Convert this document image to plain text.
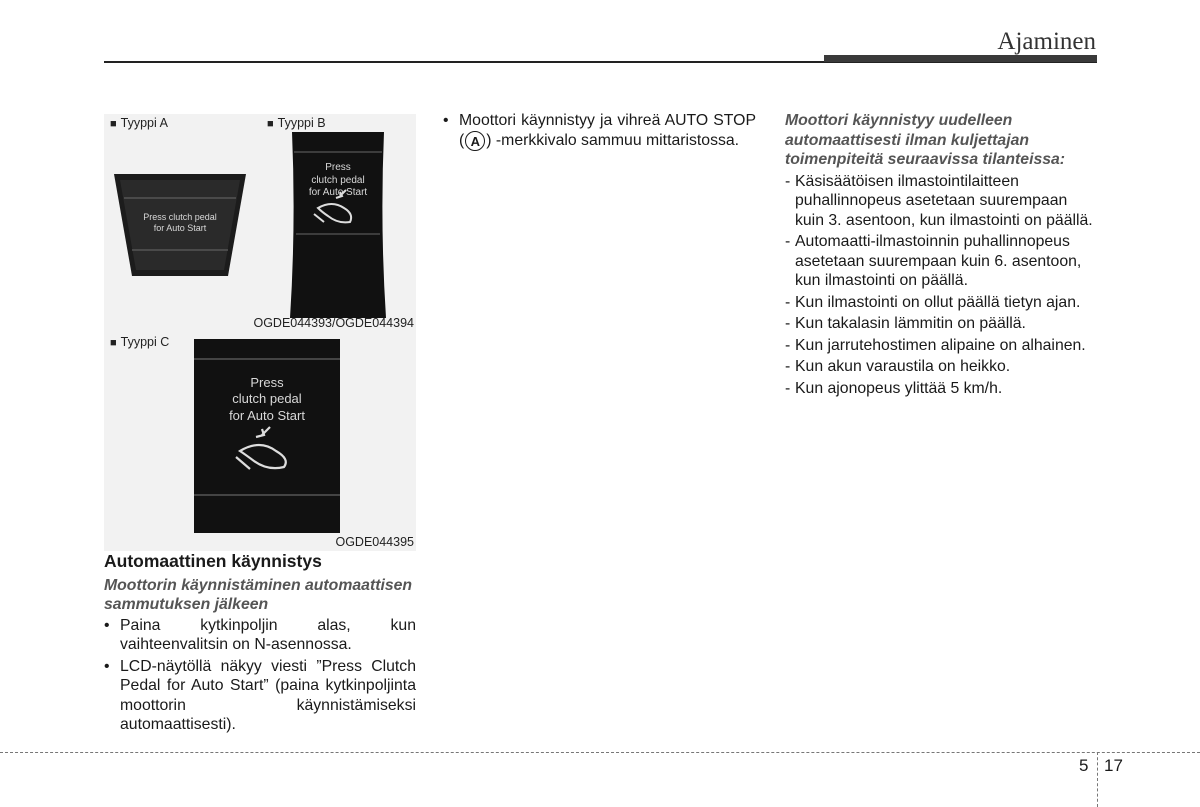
Ajaminen
■ Tyyppi A
■	Tyyppi B
Press clutch pedal
for Auto Start
Press
clutch pedal
for Auto Start
OGDE044393/OGDE044394
■ Tyyppi C
Press
clutch pedal
for Auto Start
OGDE044395

Automaattinen käynnistys

Moottorin käynnistäminen automaattisen sammutuksen jälkeen

• Paina kytkinpoljin alas, kun vaihteenvalitsin on N-asennossa.

• LCD-näytöllä näkyy viesti ”Press Clutch Pedal for Auto Start” (paina kytkinpoljinta moottorin käynnistämiseksi automaattisesti).

• Moottori käynnistyy ja vihreä AUTO STOP ( A ) -merkkivalo sammuu mittaristossa.

Moottori käynnistyy uudelleen automaattisesti ilman kuljettajan toimenpiteitä seuraavissa tilanteissa:

- Käsisäätöisen ilmastointilaitteen puhallinnopeus asetetaan suurempaan kuin 3. asentoon, kun ilmastointi on päällä.

- Automaatti-ilmastoinnin puhallinnopeus asetetaan suurempaan kuin 6. asentoon, kun ilmastointi on päällä.

- Kun ilmastointi on ollut päällä tietyn ajan.

- Kun takalasin lämmitin on päällä.

- Kun jarrutehostimen alipaine on alhainen.

- Kun akun varaustila on heikko.

- Kun ajonopeus ylittää 5 km/h.

5 17
